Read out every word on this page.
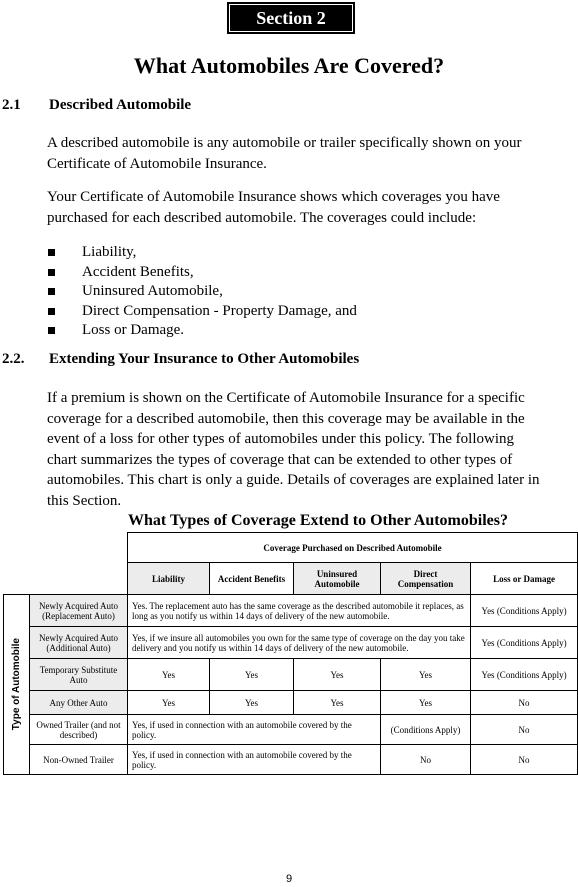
Section 2
What Automobiles Are Covered?
2.1 Described Automobile

A described automobile is any automobile or trailer specifically shown on your Certificate of Automobile Insurance.

Your Certificate of Automobile Insurance shows which coverages you have purchased for each described automobile. The coverages could include:

Liability,
Accident Benefits,
Uninsured Automobile,
Direct Compensation - Property Damage, and
Loss or Damage.
2.2. Extending Your Insurance to Other Automobiles

If a premium is shown on the Certificate of Automobile Insurance for a specific coverage for a described automobile, then this coverage may be available in the event of a loss for other types of automobiles under this policy. The following chart summarizes the types of coverage that can be extended to other types of automobiles. This chart is only a guide. Details of coverages are explained later in this Section.

What Types of Coverage Extend to Other Automobiles?
		Coverage Purchased on Described Automobile				
		Liability	Accident Benefits	Uninsured Automobile	Direct Compensation	Loss or Damage

Type of Automobile	Newly Acquired Auto
(Replacement Auto)	Yes. The replacement auto has the same coverage as the described automobile it replaces, as long as you notify us within 14 days of delivery of the new automobile.				Yes (Conditions Apply)
	Newly Acquired Auto
(Additional Auto)	Yes, if we insure all automobiles you own for the same type of coverage on the day you take delivery and you notify us within 14 days of delivery of the new automobile.				Yes (Conditions Apply)
	Temporary Substitute Auto	Yes	Yes	Yes	Yes	Yes (Conditions Apply)
	Any Other Auto	Yes	Yes	Yes	Yes	No
	Owned Trailer (and not described)	Yes, if used in connection with an automobile covered by the policy.			(Conditions Apply)	No
	Non-Owned Trailer	Yes, if used in connection with an automobile covered by the policy.			No	No
9
